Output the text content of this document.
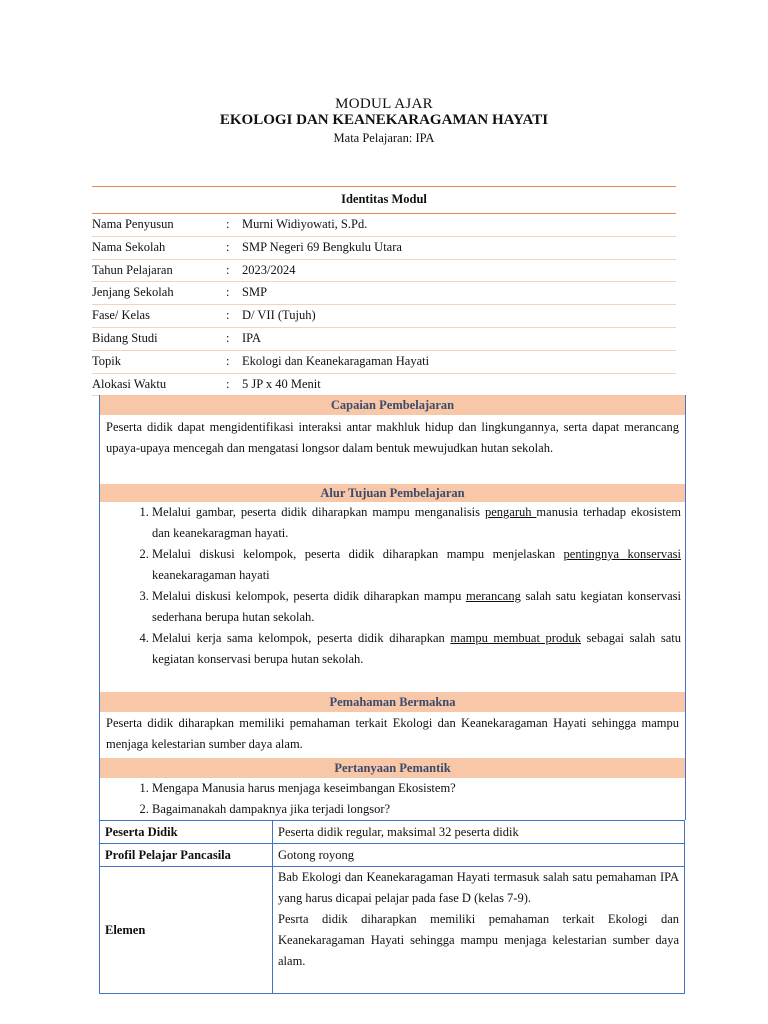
MODUL AJAR
EKOLOGI DAN KEANEKARAGAMAN HAYATI
Mata Pelajaran: IPA
Identitas Modul
Nama Penyusun	: Murni Widiyowati, S.Pd.
Nama Sekolah	: SMP Negeri 69 Bengkulu Utara
Tahun Pelajaran	: 2023/2024
Jenjang Sekolah	: SMP
Fase/ Kelas	: D/ VII (Tujuh)
Bidang Studi	: IPA
Topik	: Ekologi dan Keanekaragaman Hayati
Alokasi Waktu	: 5 JP x 40 Menit
Capaian Pembelajaran
Peserta didik dapat mengidentifikasi interaksi antar makhluk hidup dan lingkungannya, serta dapat merancang upaya-upaya mencegah dan mengatasi longsor dalam bentuk mewujudkan hutan sekolah.
Alur Tujuan Pembelajaran
1. Melalui gambar, peserta didik diharapkan mampu menganalisis pengaruh manusia terhadap ekosistem dan keanekaragman hayati.
2. Melalui diskusi kelompok, peserta didik diharapkan mampu menjelaskan pentingnya konservasi keanekaragaman hayati
3. Melalui diskusi kelompok, peserta didik diharapkan mampu merancang salah satu kegiatan konservasi sederhana berupa hutan sekolah.
4. Melalui kerja sama kelompok, peserta didik diharapkan mampu membuat produk sebagai salah satu kegiatan konservasi berupa hutan sekolah.
Pemahaman Bermakna
Peserta didik diharapkan memiliki pemahaman terkait Ekologi dan Keanekaragaman Hayati sehingga mampu menjaga kelestarian sumber daya alam.
Pertanyaan Pemantik
1. Mengapa Manusia harus menjaga keseimbangan Ekosistem?
2. Bagaimanakah dampaknya jika terjadi longsor?
Peserta Didik	Peserta didik regular, maksimal 32 peserta didik
Profil Pelajar Pancasila	Gotong royong
Elemen	
Bab Ekologi dan Keanekaragaman Hayati termasuk salah satu pemahaman IPA yang harus dicapai pelajar pada fase D (kelas 7-9).
Pesrta didik diharapkan memiliki pemahaman terkait Ekologi dan Keanekaragaman Hayati sehingga mampu menjaga kelestarian sumber daya alam.
